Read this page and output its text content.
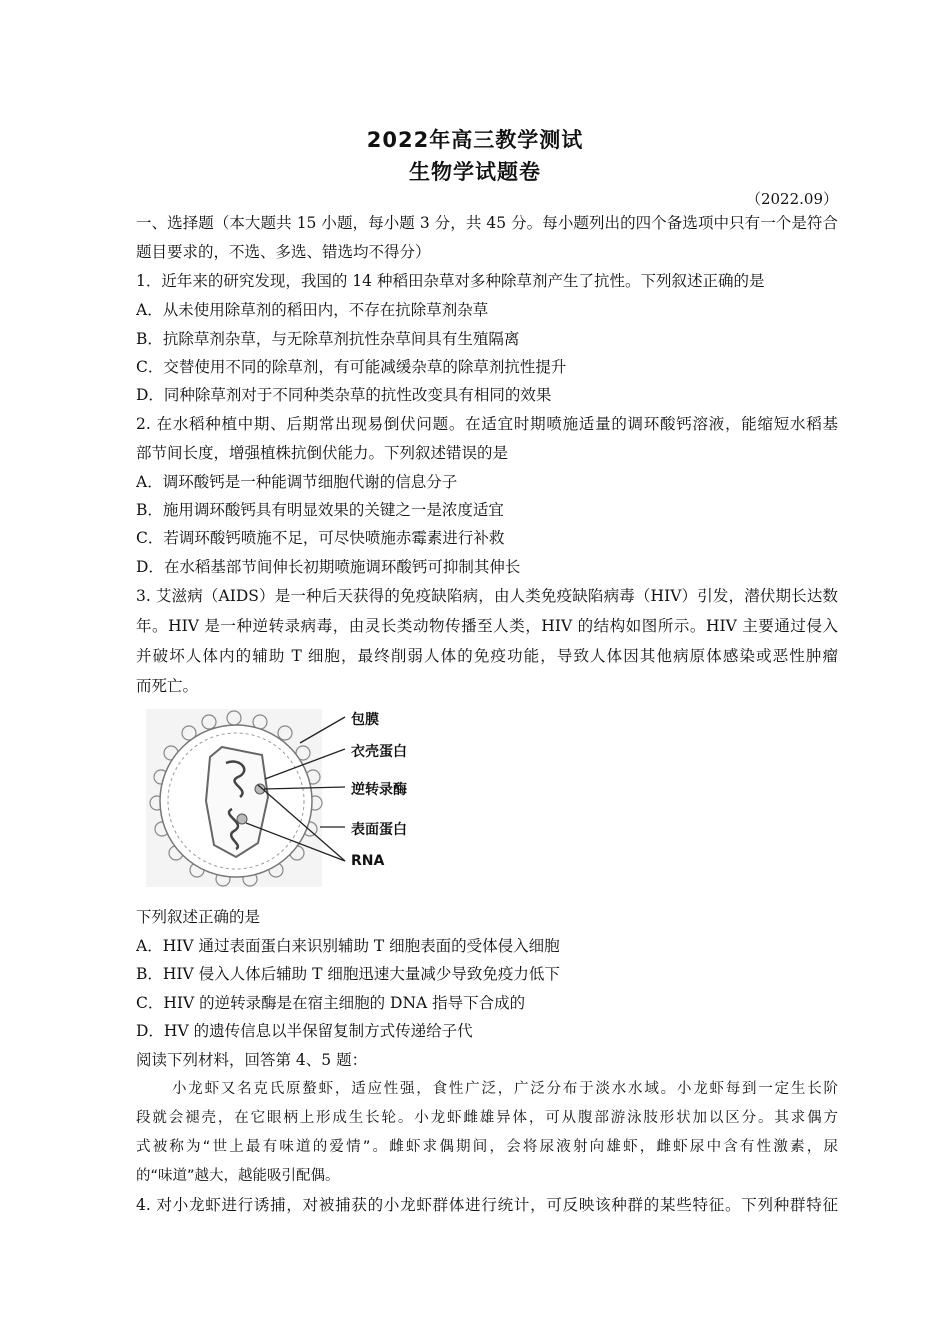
2022年高三教学测试
生物学试题卷
（2022.09）
一、选择题（本大题共 15 小题，每小题 3 分，共 45 分。每小题列出的四个备选项中只有一个是符合
题目要求的，不选、多选、错选均不得分）
1．近年来的研究发现，我国的 14 种稻田杂草对多种除草剂产生了抗性。下列叙述正确的是
A．从未使用除草剂的稻田内，不存在抗除草剂杂草
B．抗除草剂杂草，与无除草剂抗性杂草间具有生殖隔离
C．交替使用不同的除草剂，有可能减缓杂草的除草剂抗性提升
D．同种除草剂对于不同种类杂草的抗性改变具有相同的效果
2. 在水稻种植中期、后期常出现易倒伏问题。在适宜时期喷施适量的调环酸钙溶液，能缩短水稻基
部节间长度，增强植株抗倒伏能力。下列叙述错误的是
A．调环酸钙是一种能调节细胞代谢的信息分子
B．施用调环酸钙具有明显效果的关键之一是浓度适宜
C．若调环酸钙喷施不足，可尽快喷施赤霉素进行补救
D．在水稻基部节间伸长初期喷施调环酸钙可抑制其伸长
3. 艾滋病（AIDS）是一种后天获得的免疫缺陷病，由人类免疫缺陷病毒（HIV）引发，潜伏期长达数
年。HIV 是一种逆转录病毒，由灵长类动物传播至人类，HIV 的结构如图所示。HIV 主要通过侵入
并破坏人体内的辅助 T 细胞，最终削弱人体的免疫功能，导致人体因其他病原体感染或恶性肿瘤
而死亡。
包膜
衣壳蛋白
逆转录酶
表面蛋白
RNA
下列叙述正确的是
A．HIV 通过表面蛋白来识别辅助 T 细胞表面的受体侵入细胞
B．HIV 侵入人体后辅助 T 细胞迅速大量减少导致免疫力低下
C．HIV 的逆转录酶是在宿主细胞的 DNA 指导下合成的
D．HV 的遗传信息以半保留复制方式传递给子代
阅读下列材料，回答第 4、5 题：
小龙虾又名克氏原螯虾，适应性强，食性广泛，广泛分布于淡水水域。小龙虾每到一定生长阶
段就会褪壳，在它眼柄上形成生长轮。小龙虾雌雄异体，可从腹部游泳肢形状加以区分。其求偶方
式被称为“世上最有味道的爱情”。雌虾求偶期间，会将尿液射向雄虾，雌虾尿中含有性激素，尿
的“味道”越大，越能吸引配偶。
4. 对小龙虾进行诱捕，对被捕获的小龙虾群体进行统计，可反映该种群的某些特征。下列种群特征
